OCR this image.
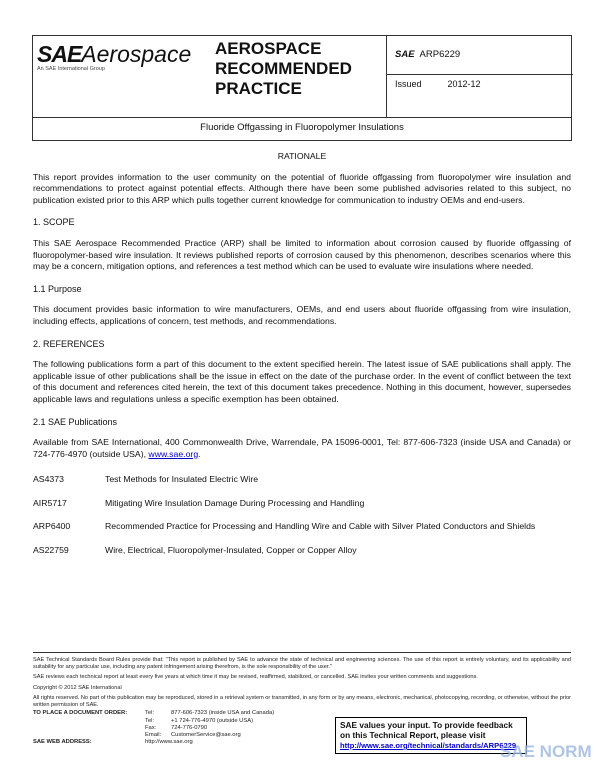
SAEAerospace
An SAE International Group
AEROSPACE
RECOMMENDED
PRACTICE
SAE ARP6229
Issued	2012-12
Fluoride Offgassing in Fluoropolymer Insulations
RATIONALE

This report provides information to the user community on the potential of fluoride offgassing from fluoropolymer wire insulation and recommendations to protect against potential effects. Although there have been some published advisories related to this subject, no publication existed prior to this ARP which pulls together current knowledge for communication to industry OEMs and end-users.

1. SCOPE

This SAE Aerospace Recommended Practice (ARP) shall be limited to information about corrosion caused by fluoride offgassing of fluoropolymer-based wire insulation. It reviews published reports of corrosion caused by this phenomenon, describes scenarios where this may be a concern, mitigation options, and references a test method which can be used to evaluate wire insulations where needed.

1.1 Purpose

This document provides basic information to wire manufacturers, OEMs, and end users about fluoride offgassing from wire insulation, including effects, applications of concern, test methods, and recommendations.

2. REFERENCES

The following publications form a part of this document to the extent specified herein. The latest issue of SAE publications shall apply. The applicable issue of other publications shall be the issue in effect on the date of the purchase order. In the event of conflict between the text of this document and references cited herein, the text of this document takes precedence. Nothing in this document, however, supersedes applicable laws and regulations unless a specific exemption has been obtained.

2.1 SAE Publications

Available from SAE International, 400 Commonwealth Drive, Warrendale, PA 15096-0001, Tel: 877-606-7323 (inside USA and Canada) or 724-776-4970 (outside USA), www.sae.org.

AS4373	Test Methods for Insulated Electric Wire
AIR5717	Mitigating Wire Insulation Damage During Processing and Handling
ARP6400	Recommended Practice for Processing and Handling Wire and Cable with Silver Plated Conductors and Shields
AS22759	Wire, Electrical, Fluoropolymer-Insulated, Copper or Copper Alloy

SAE Technical Standards Board Rules provide that: "This report is published by SAE to advance the state of technical and engineering sciences. The use of this report is entirely voluntary, and its applicability and suitability for any particular use, including any patent infringement arising therefrom, is the sole responsibility of the user."

SAE reviews each technical report at least every five years at which time it may be revised, reaffirmed, stabilized, or cancelled. SAE invites your written comments and suggestions.

Copyright © 2012 SAE International

All rights reserved. No part of this publication may be reproduced, stored in a retrieval system or transmitted, in any form or by any means, electronic, mechanical, photocopying, recording, or otherwise, without the prior written permission of SAE.

TO PLACE A DOCUMENT ORDER:	Tel:	877-606-7323 (inside USA and Canada)
Tel:	+1 724-776-4970 (outside USA)
Fax:	724-776-0790
Email:	CustomerService@sae.org
SAE WEB ADDRESS:	http://www.sae.org
SAE values your input. To provide feedback
on this Technical Report, please visit
http://www.sae.org/technical/standards/ARP6229
SAE NORM
